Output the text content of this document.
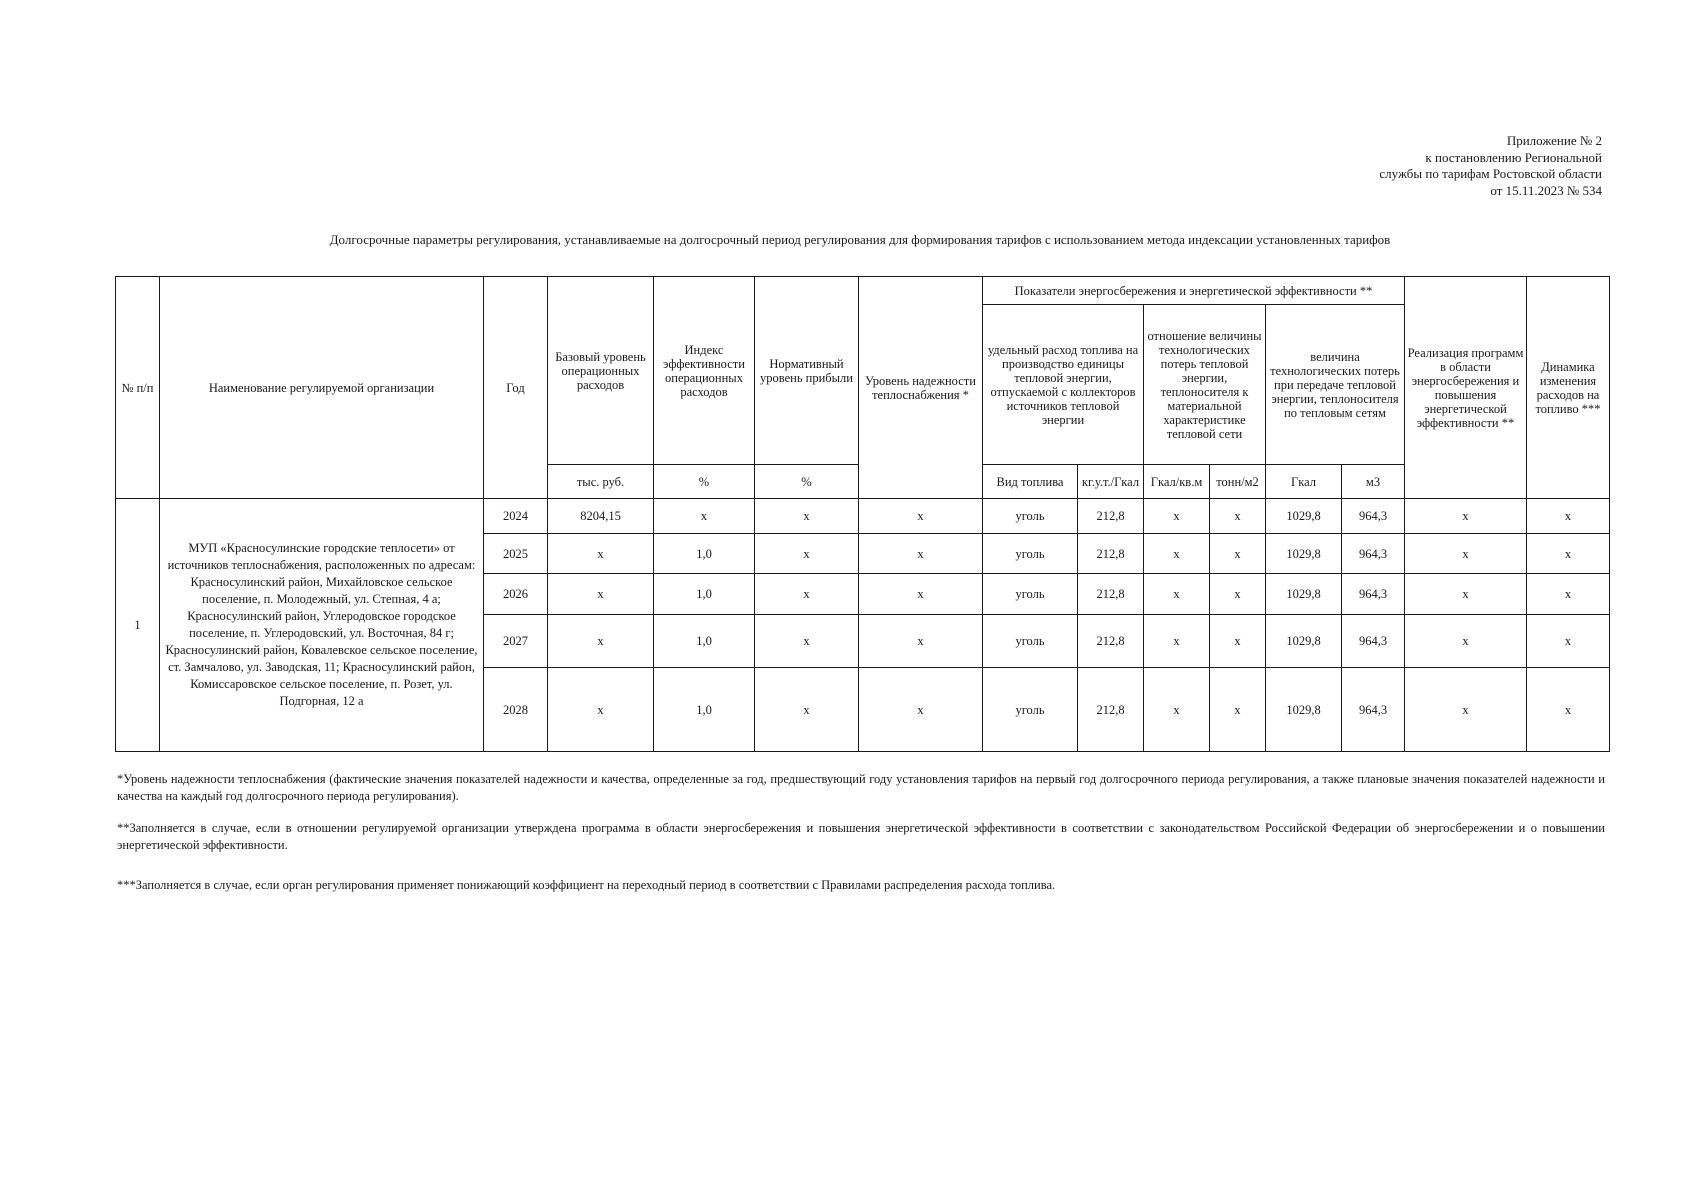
Приложение № 2
к постановлению Региональной
службы по тарифам Ростовской области
от 15.11.2023 № 534
Долгосрочные параметры регулирования, устанавливаемые на долгосрочный период регулирования для формирования тарифов с использованием метода индексации установленных тарифов
№ п/п	Наименование регулируемой организации	Год	Базовый уровень операционных расходов	Индекс эффективности операционных расходов	Нормативный уровень прибыли	Уровень надежности теплоснабжения *	Показатели энергосбережения и энергетической эффективности **						Реализация программ в области энергосбережения и повышения энергетической эффективности **	Динамика изменения расходов на топливо ***
							удельный расход топлива на производство единицы тепловой энергии, отпускаемой с коллекторов источников тепловой энергии		отношение величины технологических потерь тепловой энергии, теплоносителя к материальной характеристике тепловой сети		величина технологических потерь при передаче тепловой энергии, теплоносителя по тепловым сетям			
			тыс. руб.	%	%		Вид топлива	кг.у.т./Гкал	Гкал/кв.м	тонн/м2	Гкал	м3		
1	МУП «Красносулинские городские теплосети» от источников теплоснабжения, расположенных по адресам: Красносулинский район, Михайловское сельское поселение, п. Молодежный, ул. Степная, 4 а; Красносулинский район, Углеродовское городское поселение, п. Углеродовский, ул. Восточная, 84 г; Красносулинский район, Ковалевское сельское поселение, ст. Замчалово, ул. Заводская, 11; Красносулинский район, Комиссаровское сельское поселение, п. Розет, ул. Подгорная, 12 а	2024	8204,15	х	х	х	уголь	212,8	х	х	1029,8	964,3	х	х
		2025	х	1,0	х	х	уголь	212,8	х	х	1029,8	964,3	х	х
		2026	х	1,0	х	х	уголь	212,8	х	х	1029,8	964,3	х	х
		2027	х	1,0	х	х	уголь	212,8	х	х	1029,8	964,3	х	х
		2028	х	1,0	х	х	уголь	212,8	х	х	1029,8	964,3	х	х

*Уровень надежности теплоснабжения (фактические значения показателей надежности и качества, определенные за год, предшествующий году установления тарифов на первый год долгосрочного периода регулирования, а также плановые значения показателей надежности и качества на каждый год долгосрочного периода регулирования).

**Заполняется в случае, если в отношении регулируемой организации утверждена программа в области энергосбережения и повышения энергетической эффективности в соответствии с законодательством Российской Федерации об энергосбережении и о повышении энергетической эффективности.

***Заполняется в случае, если орган регулирования применяет понижающий коэффициент на переходный период в соответствии с Правилами распределения расхода топлива.
